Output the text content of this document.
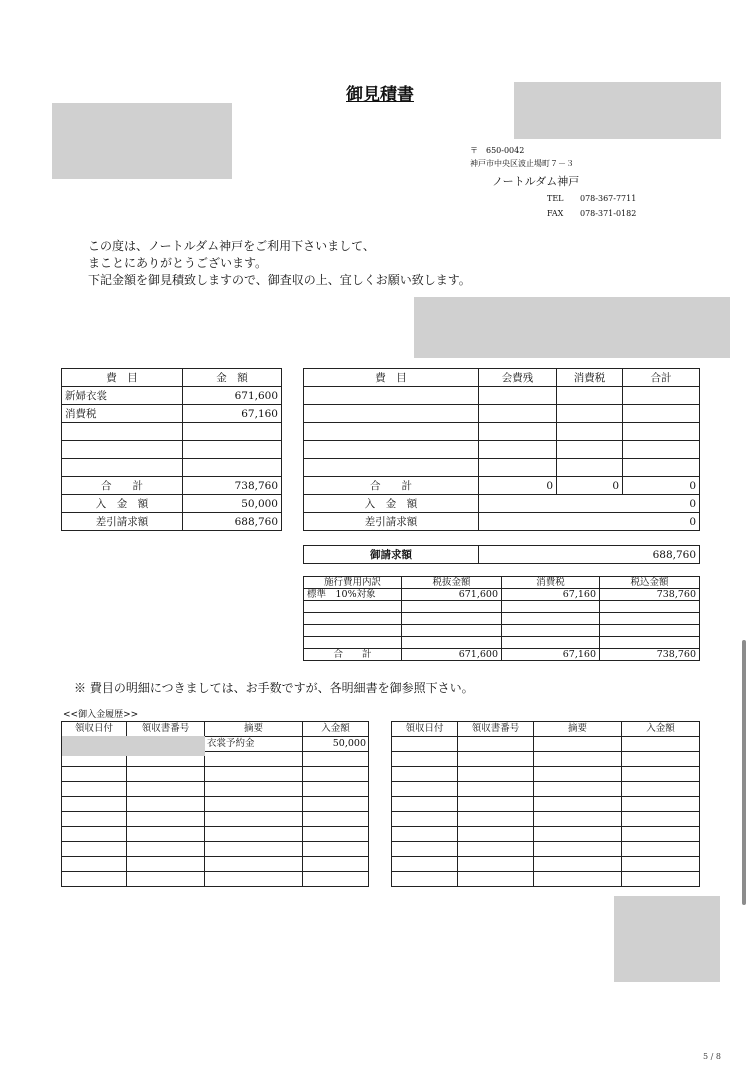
御見積書
〒　650-0042
神戸市中央区波止場町７－３
ノートルダム神戸
TEL 078-367-7711
FAX 078-371-0182
この度は、ノートルダム神戸をご利用下さいまして、
まことにありがとうございます。
下記金額を御見積致しますので、御査収の上、宜しくお願い致します。
費　目	金　額
新婦衣裳	671,600
消費税	67,160

合　　計	738,760
入　金　額	50,000
差引請求額	688,760
費　目	会費残	消費税	合計

合　　計	0	0	0
入　金　額	0		
差引請求額	0		
御請求額	688,760
施行費用内訳	税抜金額	消費税	税込金額
標準　10%対象	671,600	67,160	738,760

合　　計	671,600	67,160	738,760
※ 費目の明細につきましては、お手数ですが、各明細書を御参照下さい。
<<御入金履歴>>
領収日付	領収書番号	摘要	入金額
		衣裳予約金	50,000

領収日付	領収書番号	摘要	入金額

5 / 8
